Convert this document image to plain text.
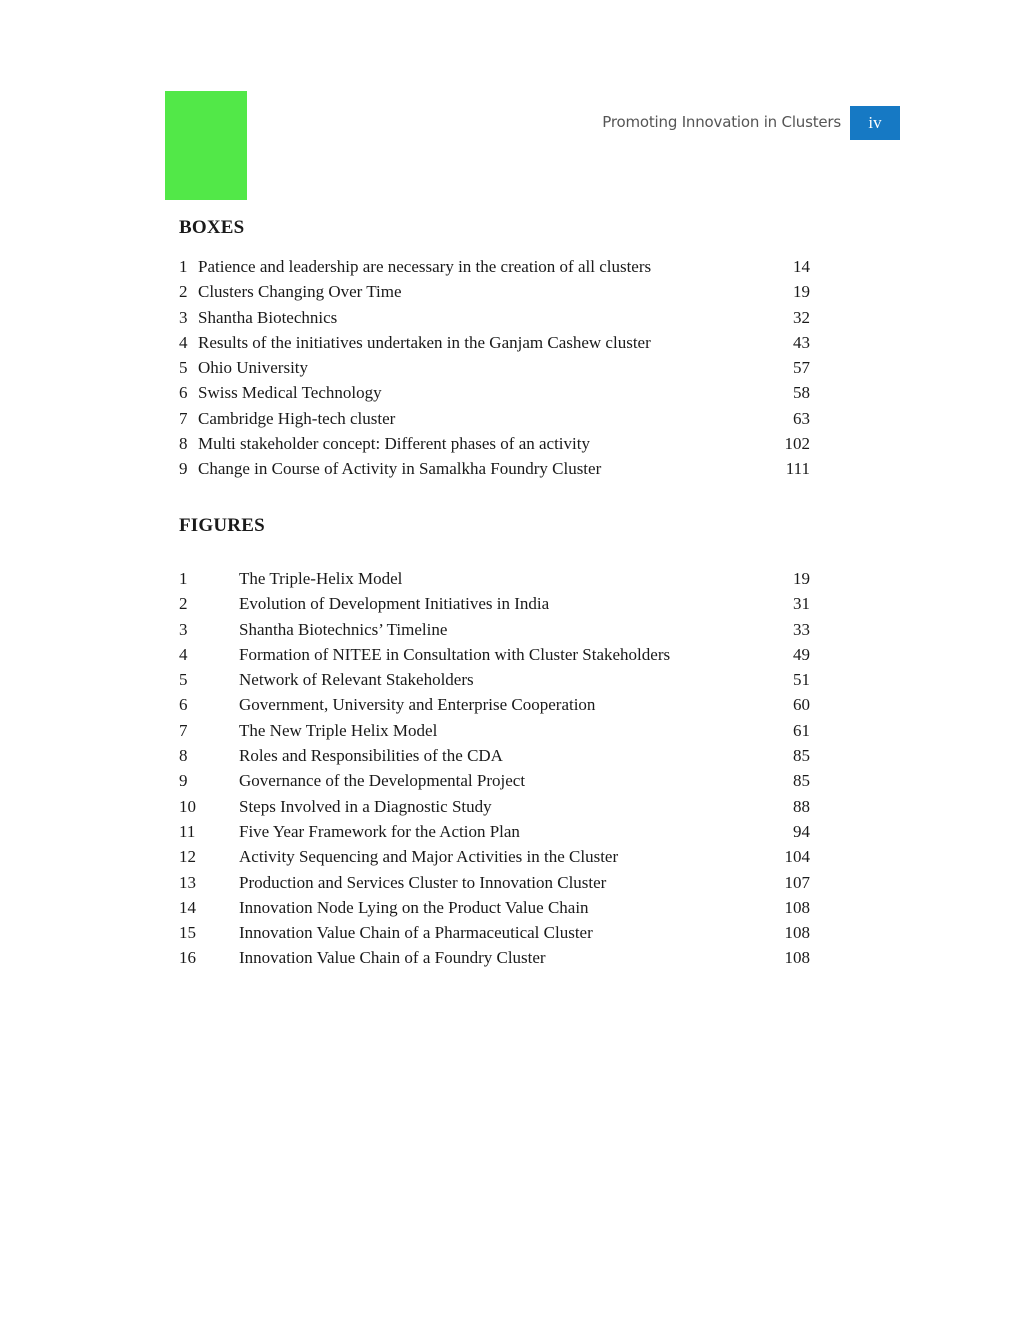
Promoting Innovation in Clusters	iv
BOXES
1 Patience and leadership are necessary in the creation of all clusters	14
2 Clusters Changing Over Time	19
3 Shantha Biotechnics	32
4 Results of the initiatives undertaken in the Ganjam Cashew cluster	43
5 Ohio University	57
6 Swiss Medical Technology	58
7 Cambridge High-tech cluster	63
8 Multi stakeholder concept: Different phases of an activity	102
9 Change in Course of Activity in Samalkha Foundry Cluster	111
FIGURES
1	The Triple-Helix Model	19
2	Evolution of Development Initiatives in India	31
3	Shantha Biotechnics’ Timeline	33
4	Formation of NITEE in Consultation with Cluster Stakeholders	49
5	Network of Relevant Stakeholders	51
6	Government, University and Enterprise Cooperation	60
7	The New Triple Helix Model	61
8	Roles and Responsibilities of the CDA	85
9	Governance of the Developmental Project	85
10	Steps Involved in a Diagnostic Study	88
11	Five Year Framework for the Action Plan	94
12	Activity Sequencing and Major Activities in the Cluster	104
13	Production and Services Cluster to Innovation Cluster	107
14	Innovation Node Lying on the Product Value Chain	108
15	Innovation Value Chain of a Pharmaceutical Cluster	108
16	Innovation Value Chain of a Foundry Cluster	108
